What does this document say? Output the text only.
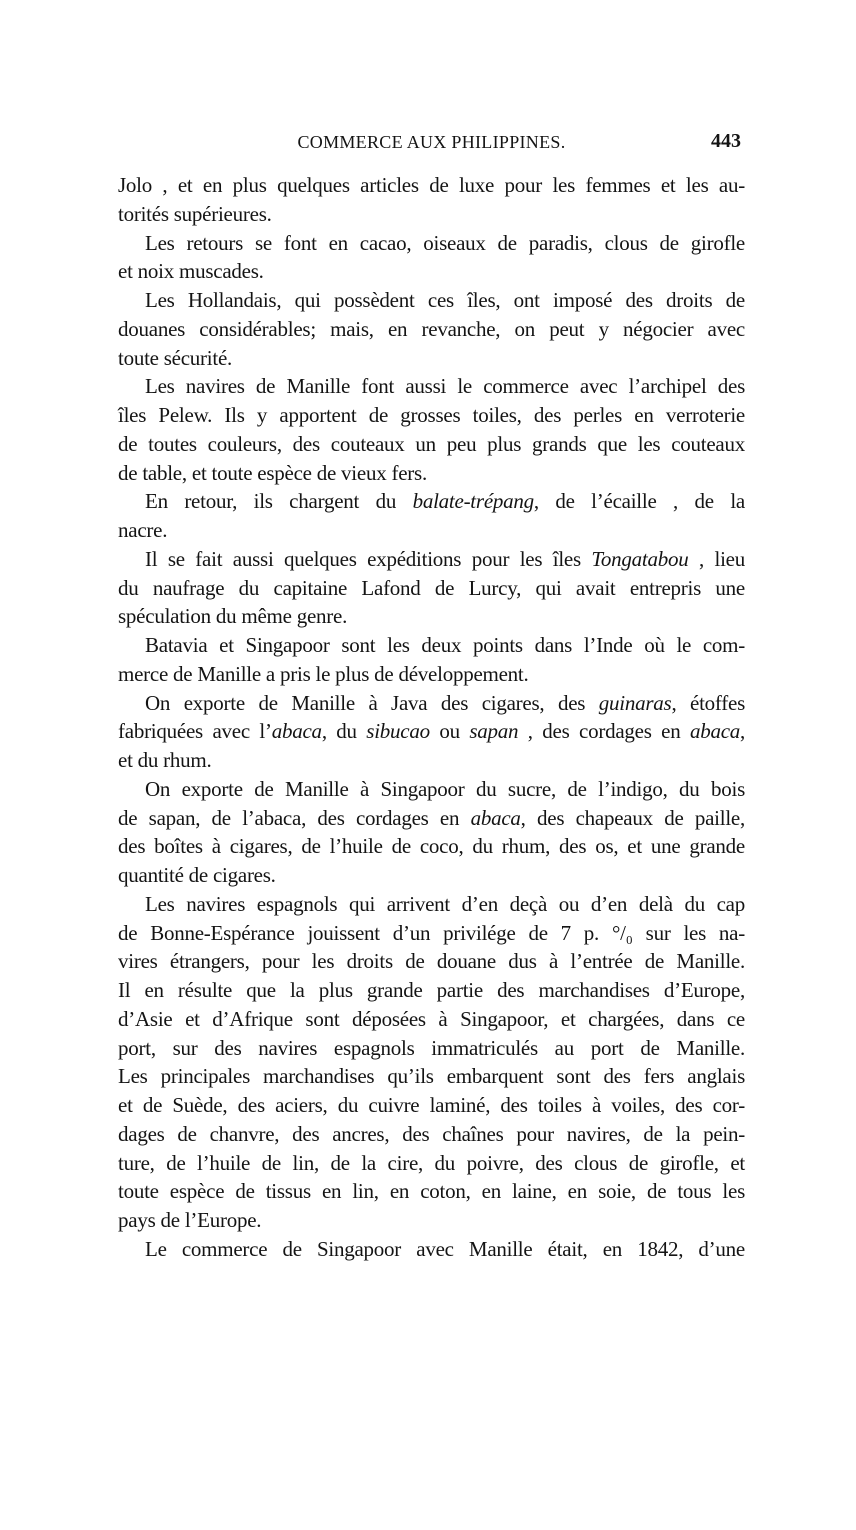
COMMERCE AUX PHILIPPINES.	443
Jolo , et en plus quelques articles de luxe pour les femmes et les au-
torités supérieures.
Les retours se font en cacao, oiseaux de paradis, clous de girofle
et noix muscades.
Les Hollandais, qui possèdent ces îles, ont imposé des droits de
douanes considérables; mais, en revanche, on peut y négocier avec
toute sécurité.
Les navires de Manille font aussi le commerce avec l’archipel des
îles Pelew. Ils y apportent de grosses toiles, des perles en verroterie
de toutes couleurs, des couteaux un peu plus grands que les couteaux
de table, et toute espèce de vieux fers.
En retour, ils chargent du balate-trépang, de l’écaille , de la
nacre.
Il se fait aussi quelques expéditions pour les îles Tongatabou , lieu
du naufrage du capitaine Lafond de Lurcy, qui avait entrepris une
spéculation du même genre.
Batavia et Singapoor sont les deux points dans l’Inde où le com-
merce de Manille a pris le plus de développement.
On exporte de Manille à Java des cigares, des guinaras, étoffes
fabriquées avec l’abaca, du sibucao ou sapan , des cordages en abaca,
et du rhum.
On exporte de Manille à Singapoor du sucre, de l’indigo, du bois
de sapan, de l’abaca, des cordages en abaca, des chapeaux de paille,
des boîtes à cigares, de l’huile de coco, du rhum, des os, et une grande
quantité de cigares.
Les navires espagnols qui arrivent d’en deçà ou d’en delà du cap
de Bonne-Espérance jouissent d’un privilége de 7 p. °/₀ sur les na-
vires étrangers, pour les droits de douane dus à l’entrée de Manille.
Il en résulte que la plus grande partie des marchandises d’Europe,
d’Asie et d’Afrique sont déposées à Singapoor, et chargées, dans ce
port, sur des navires espagnols immatriculés au port de Manille.
Les principales marchandises qu’ils embarquent sont des fers anglais
et de Suède, des aciers, du cuivre laminé, des toiles à voiles, des cor-
dages de chanvre, des ancres, des chaînes pour navires, de la pein-
ture, de l’huile de lin, de la cire, du poivre, des clous de girofle, et
toute espèce de tissus en lin, en coton, en laine, en soie, de tous les
pays de l’Europe.
Le commerce de Singapoor avec Manille était, en 1842, d’une
